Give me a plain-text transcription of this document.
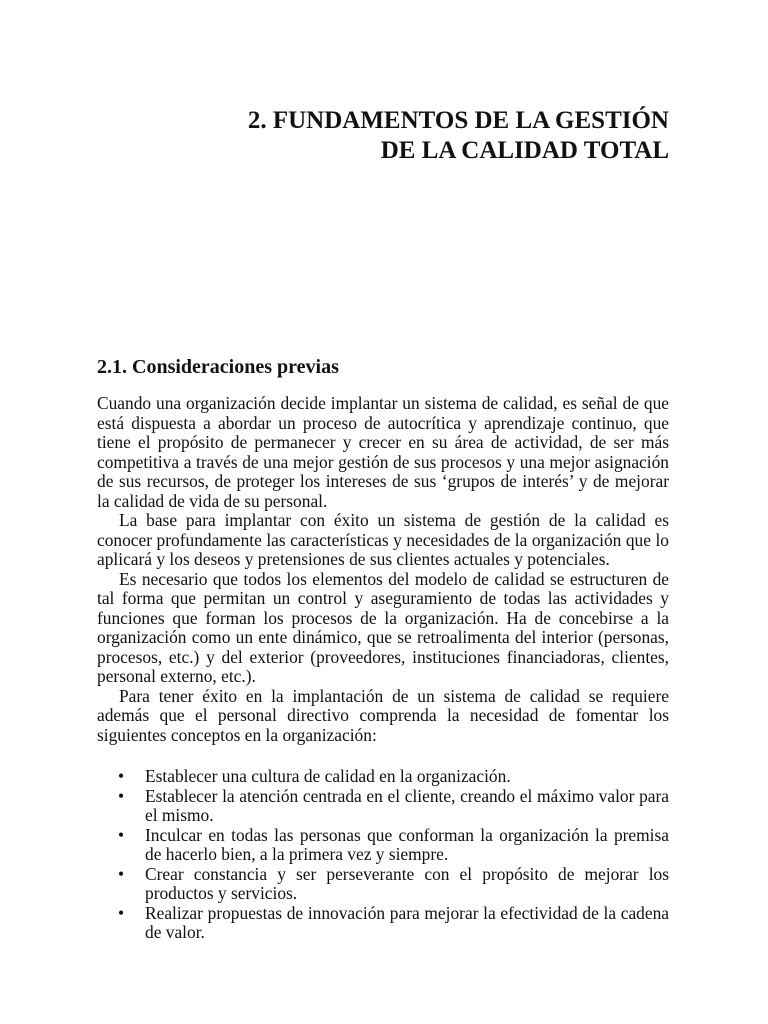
2. FUNDAMENTOS DE LA GESTIÓN
DE LA CALIDAD TOTAL
2.1. Consideraciones previas

Cuando una organización decide implantar un sistema de calidad, es señal de que está dispuesta a abordar un proceso de autocrítica y aprendizaje continuo, que tiene el propósito de permanecer y crecer en su área de actividad, de ser más competitiva a través de una mejor gestión de sus procesos y una mejor asignación de sus recursos, de proteger los intereses de sus ‘grupos de interés’ y de mejorar la calidad de vida de su personal.

La base para implantar con éxito un sistema de gestión de la calidad es conocer profundamente las características y necesidades de la organización que lo aplicará y los deseos y pretensiones de sus clientes actuales y potenciales.

Es necesario que todos los elementos del modelo de calidad se estructuren de tal forma que permitan un control y aseguramiento de todas las actividades y funciones que forman los procesos de la organización. Ha de concebirse a la organización como un ente dinámico, que se retroalimenta del interior (personas, procesos, etc.) y del exterior (proveedores, instituciones financiadoras, clientes, personal externo, etc.).

Para tener éxito en la implantación de un sistema de calidad se requiere además que el personal directivo comprenda la necesidad de fomentar los siguientes conceptos en la organización:

• Establecer una cultura de calidad en la organización.
• Establecer la atención centrada en el cliente, creando el máximo valor para el mismo.
• Inculcar en todas las personas que conforman la organización la premisa de hacerlo bien, a la primera vez y siempre.
• Crear constancia y ser perseverante con el propósito de mejorar los productos y servicios.
• Realizar propuestas de innovación para mejorar la efectividad de la cadena de valor.
